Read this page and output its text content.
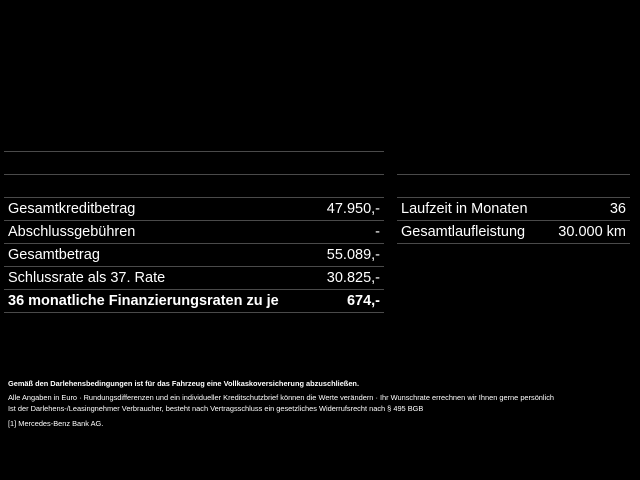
Gesamtkreditbetrag	47.950,-
Abschlussgebühren	-
Gesamtbetrag	55.089,-
Schlussrate als 37. Rate	30.825,-
36 monatliche Finanzierungsraten zu je	674,-
Laufzeit in Monaten	36
Gesamtlaufleistung 30.000 km
Gemäß den Darlehensbedingungen ist für das Fahrzeug eine Vollkaskoversicherung abzuschließen.
Alle Angaben in Euro · Rundungsdifferenzen und ein individueller Kreditschutzbrief können die Werte verändern · Ihr Wunschrate errechnen wir Ihnen gerne persönlich
Ist der Darlehens-/Leasingnehmer Verbraucher, besteht nach Vertragsschluss ein gesetzliches Widerrufsrecht nach § 495 BGB
[1] Mercedes-Benz Bank AG.
